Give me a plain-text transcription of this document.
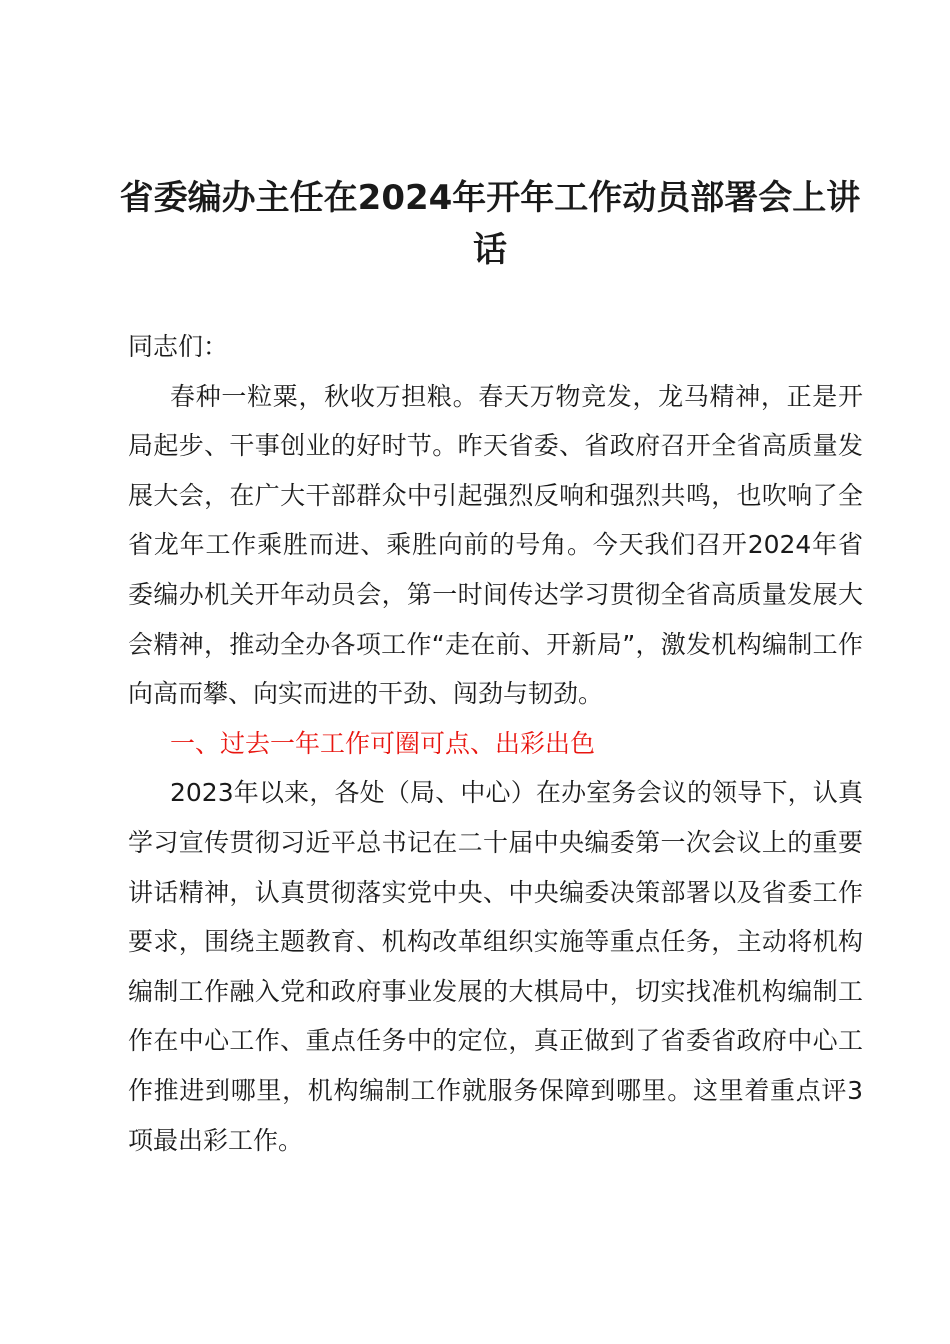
省委编办主任在2024年开年工作动员部署会上讲话

同志们：

春种一粒粟，秋收万担粮。春天万物竞发，龙马精神，正是开局起步、干事创业的好时节。昨天省委、省政府召开全省高质量发展大会，在广大干部群众中引起强烈反响和强烈共鸣，也吹响了全省龙年工作乘胜而进、乘胜向前的号角。今天我们召开2024年省委编办机关开年动员会，第一时间传达学习贯彻全省高质量发展大会精神，推动全办各项工作“走在前、开新局”，激发机构编制工作向高而攀、向实而进的干劲、闯劲与韧劲。

一、过去一年工作可圈可点、出彩出色

2023年以来，各处（局、中心）在办室务会议的领导下，认真学习宣传贯彻习近平总书记在二十届中央编委第一次会议上的重要讲话精神，认真贯彻落实党中央、中央编委决策部署以及省委工作要求，围绕主题教育、机构改革组织实施等重点任务，主动将机构编制工作融入党和政府事业发展的大棋局中，切实找准机构编制工作在中心工作、重点任务中的定位，真正做到了省委省政府中心工作推进到哪里，机构编制工作就服务保障到哪里。这里着重点评3项最出彩工作。
